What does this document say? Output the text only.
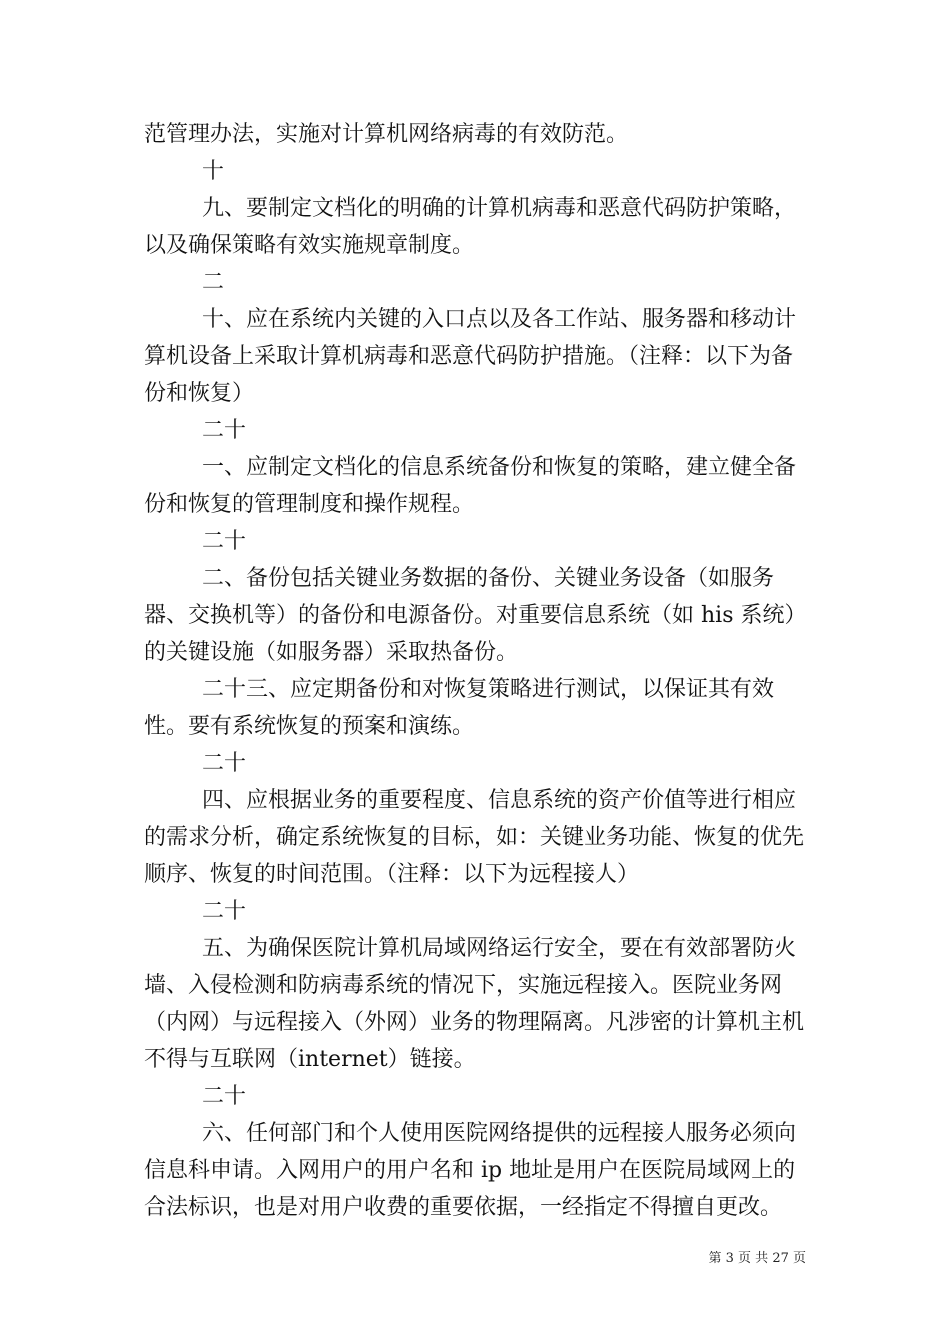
范管理办法，实施对计算机网络病毒的有效防范。

十

九、要制定文档化的明确的计算机病毒和恶意代码防护策略，以及确保策略有效实施规章制度。

二

十、应在系统内关键的入口点以及各工作站、服务器和移动计算机设备上采取计算机病毒和恶意代码防护措施。（注释：以下为备份和恢复）

二十

一、应制定文档化的信息系统备份和恢复的策略，建立健全备份和恢复的管理制度和操作规程。

二十

二、备份包括关键业务数据的备份、关键业务设备（如服务器、交换机等）的备份和电源备份。对重要信息系统（如 his 系统）的关键设施（如服务器）采取热备份。

二十三、应定期备份和对恢复策略进行测试，以保证其有效性。要有系统恢复的预案和演练。

二十

四、应根据业务的重要程度、信息系统的资产价值等进行相应的需求分析，确定系统恢复的目标，如：关键业务功能、恢复的优先顺序、恢复的时间范围。（注释：以下为远程接人）

二十

五、为确保医院计算机局域网络运行安全，要在有效部署防火墙、入侵检测和防病毒系统的情况下，实施远程接入。医院业务网（内网）与远程接入（外网）业务的物理隔离。凡涉密的计算机主机不得与互联网（internet）链接。

二十

六、任何部门和个人使用医院网络提供的远程接人服务必须向信息科申请。入网用户的用户名和 ip 地址是用户在医院局域网上的合法标识，也是对用户收费的重要依据，一经指定不得擅自更改。

第 3 页 共 27 页
